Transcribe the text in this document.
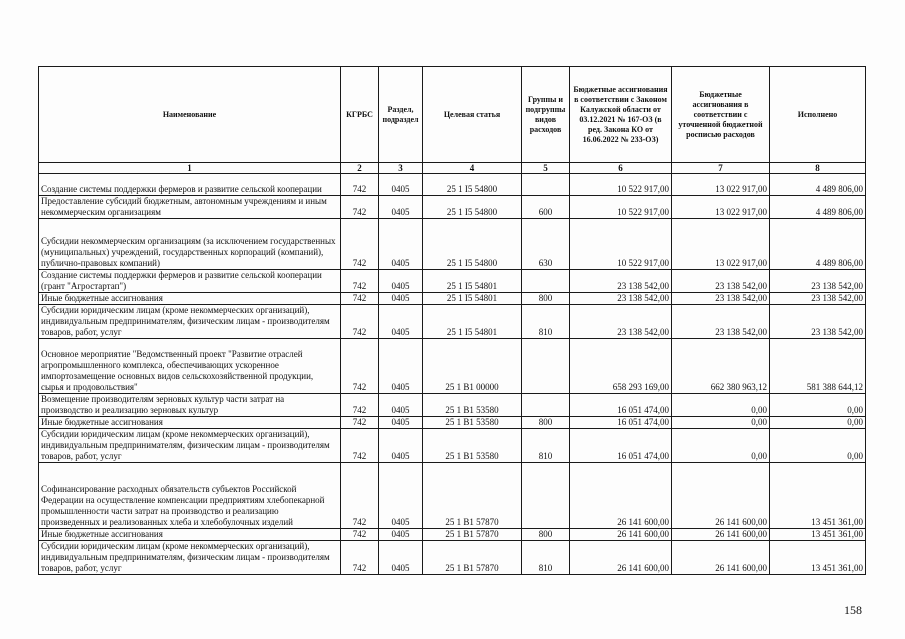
Наименование	КГРБС	Раздел, подраздел	Целевая статья	Группы и подгруппы видов расходов	Бюджетные ассигнования в соответствии с Законом Калужской области от 03.12.2021 № 167-ОЗ (в ред. Закона КО от 16.06.2022 № 233-ОЗ)	Бюджетные ассигнования в соответствии с уточненной бюджетной росписью расходов	Исполнено
1	2	3	4	5	6	7	8
Создание системы поддержки фермеров и развитие сельской кооперации	742	0405	25 1 I5 54800		10 522 917,00	13 022 917,00	4 489 806,00
Предоставление субсидий бюджетным, автономным учреждениям и иным некоммерческим организациям	742	0405	25 1 I5 54800	600	10 522 917,00	13 022 917,00	4 489 806,00
Субсидии некоммерческим организациям (за исключением государственных (муниципальных) учреждений, государственных корпораций (компаний), публично-правовых компаний)	742	0405	25 1 I5 54800	630	10 522 917,00	13 022 917,00	4 489 806,00
Создание системы поддержки фермеров и развитие сельской кооперации (грант "Агростартап")	742	0405	25 1 I5 54801		23 138 542,00	23 138 542,00	23 138 542,00
Иные бюджетные ассигнования	742	0405	25 1 I5 54801	800	23 138 542,00	23 138 542,00	23 138 542,00
Субсидии юридическим лицам (кроме некоммерческих организаций), индивидуальным предпринимателям, физическим лицам - производителям товаров, работ, услуг	742	0405	25 1 I5 54801	810	23 138 542,00	23 138 542,00	23 138 542,00
Основное мероприятие "Ведомственный проект "Развитие отраслей агропромышленного комплекса, обеспечивающих ускоренное импортозамещение основных видов сельскохозяйственной продукции, сырья и продовольствия"	742	0405	25 1 В1 00000		658 293 169,00	662 380 963,12	581 388 644,12
Возмещение производителям зерновых культур части затрат на производство и реализацию зерновых культур	742	0405	25 1 В1 53580		16 051 474,00	0,00	0,00
Иные бюджетные ассигнования	742	0405	25 1 В1 53580	800	16 051 474,00	0,00	0,00
Субсидии юридическим лицам (кроме некоммерческих организаций), индивидуальным предпринимателям, физическим лицам - производителям товаров, работ, услуг	742	0405	25 1 В1 53580	810	16 051 474,00	0,00	0,00
Софинансирование расходных обязательств субъектов Российской Федерации на осуществление компенсации предприятиям хлебопекарной промышленности части затрат на производство и реализацию произведенных и реализованных хлеба и хлебобулочных изделий	742	0405	25 1 В1 57870		26 141 600,00	26 141 600,00	13 451 361,00
Иные бюджетные ассигнования	742	0405	25 1 В1 57870	800	26 141 600,00	26 141 600,00	13 451 361,00
Субсидии юридическим лицам (кроме некоммерческих организаций), индивидуальным предпринимателям, физическим лицам - производителям товаров, работ, услуг	742	0405	25 1 В1 57870	810	26 141 600,00	26 141 600,00	13 451 361,00
158
